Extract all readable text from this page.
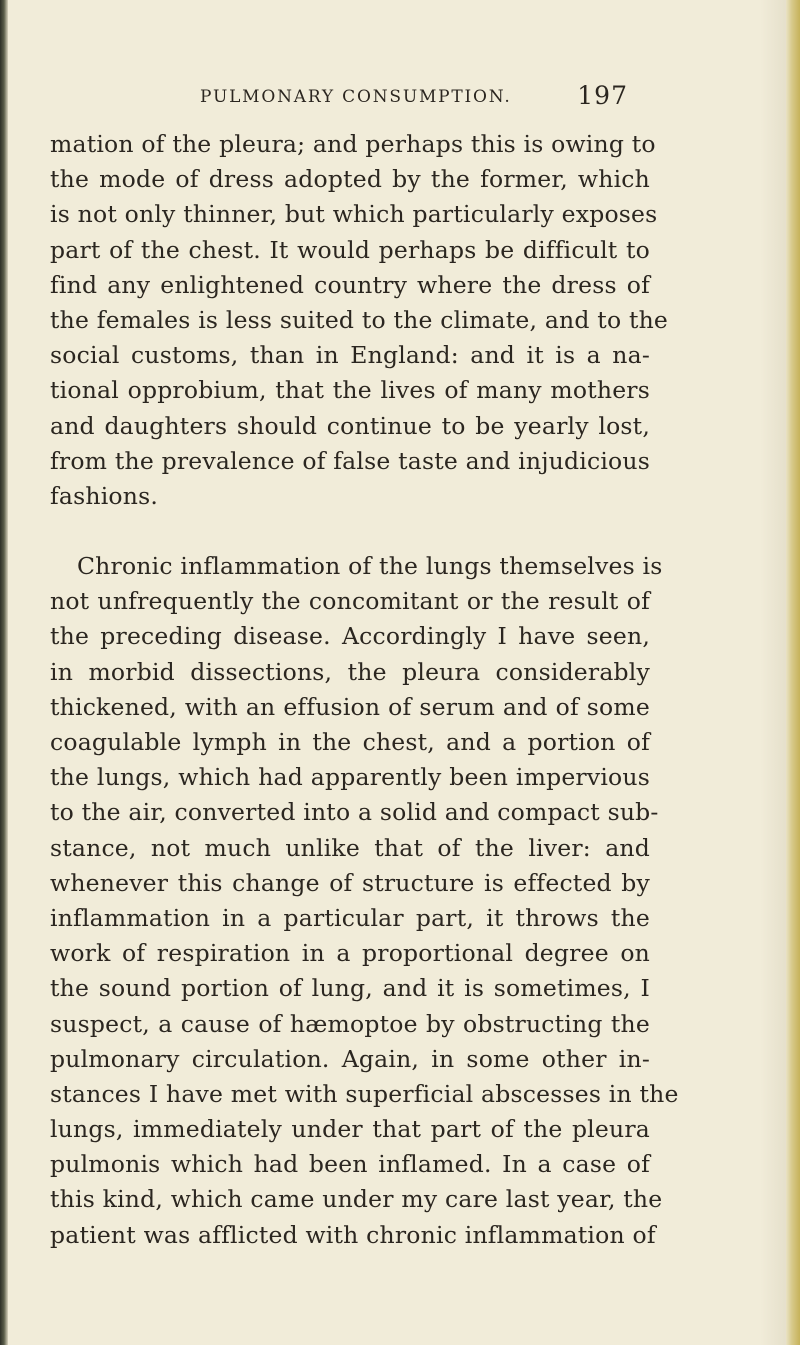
PULMONARY CONSUMPTION.	197
mation of the pleura; and perhaps this is owing to
the mode of dress adopted by the former, which
is not only thinner, but which particularly exposes
part of the chest. It would perhaps be difficult to
find any enlightened country where the dress of
the females is less suited to the climate, and to the
social customs, than in England: and it is a na-
tional opprobium, that the lives of many mothers
and daughters should continue to be yearly lost,
from the prevalence of false taste and injudicious
fashions.
Chronic inflammation of the lungs themselves is
not unfrequently the concomitant or the result of
the preceding disease. Accordingly I have seen,
in morbid dissections, the pleura considerably
thickened, with an effusion of serum and of some
coagulable lymph in the chest, and a portion of
the lungs, which had apparently been impervious
to the air, converted into a solid and compact sub-
stance, not much unlike that of the liver: and
whenever this change of structure is effected by
inflammation in a particular part, it throws the
work of respiration in a proportional degree on
the sound portion of lung, and it is sometimes, I
suspect, a cause of hæmoptoe by obstructing the
pulmonary circulation. Again, in some other in-
stances I have met with superficial abscesses in the
lungs, immediately under that part of the pleura
pulmonis which had been inflamed. In a case of
this kind, which came under my care last year, the
patient was afflicted with chronic inflammation of
